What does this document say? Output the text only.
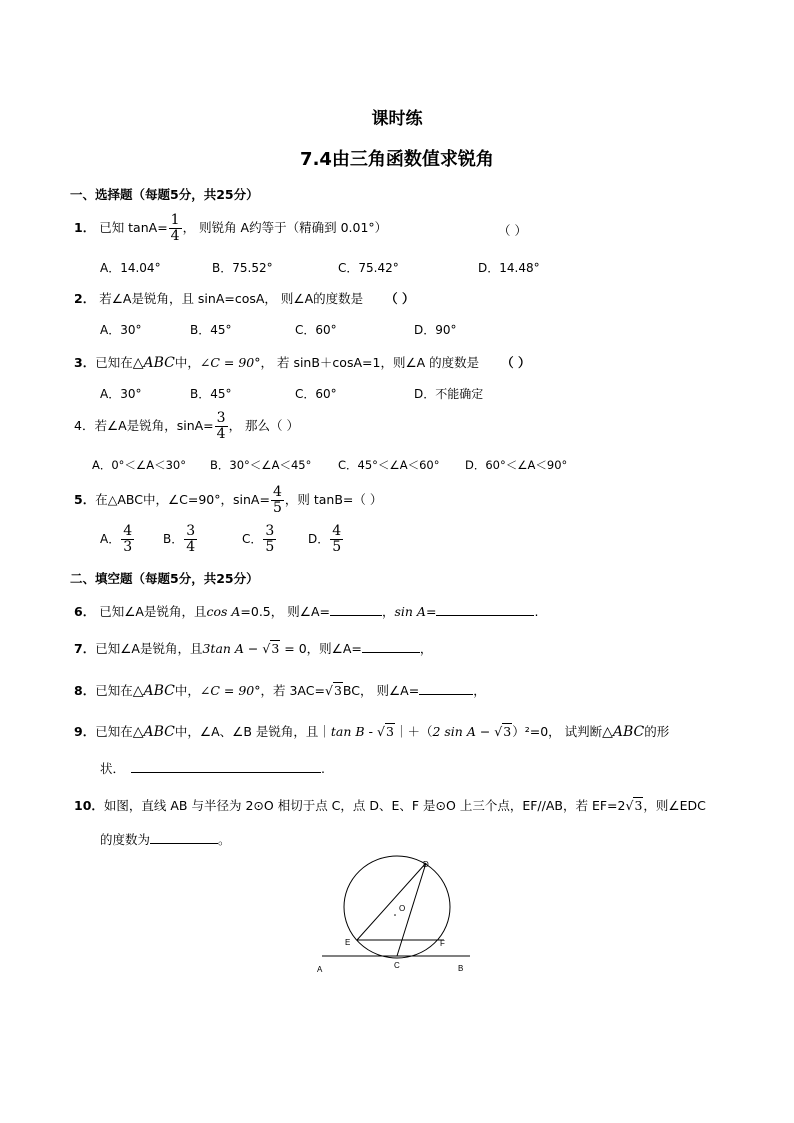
课时练
7.4由三角函数值求锐角
一、选择题（每题5分，共25分）
1． 已知 $\tan A= \frac{1}{4}$ ， 则锐角 A约等于（精确到 0.01°）	（ ）
A．14.04°	B．75.52°	C．75.42°	D．14.48°
2． 若∠A是锐角，且 sinA=cosA， 则∠A的度数是 （ ）
A．30°	B．45°	C．60°	D．90°
3．已知在△ABC中，∠C = 90°， 若 sinB＋cosA=1，则∠A 的度数是 （ ）
A．30°	B．45°	C．60°	D．不能确定
4．若∠A是锐角，$\sin A= \frac{3}{4}$ ， 那么（ ）
A．0°＜∠A＜30° B．30°＜∠A＜45° C．45°＜∠A＜60° D．60°＜∠A＜90°
5．在△ABC中，∠C=90°，$\sin A= \frac{4}{5}$ ，则 tanB=（ ）
A． $\frac{4}{3}$ B． $\frac{3}{4}$	C． $\frac{3}{5}$	D． $\frac{4}{5}$
二、填空题（每题5分，共25分）
6． 已知∠A是锐角，且cos A=0.5， 则∠A=	，sin A=	.
7．已知∠A是锐角，且3tan A − √3 = 0，则∠A=	，
8．已知在△ABC中，∠C = 90°，若 3AC=√3BC， 则∠A=	，
9．已知在△ABC中，∠A、∠B 是锐角，且｜tan B - √3｜＋（2 sin A − √3）²=0， 试判断△ABC的形
状．	.
10．如图，直线 AB 与半径为 2⊙O 相切于点 C，点 D、E、F 是⊙O 上三个点，EF//AB，若 EF=2√3，则∠EDC
的度数为	。
D
O
E	F
A	C	B
